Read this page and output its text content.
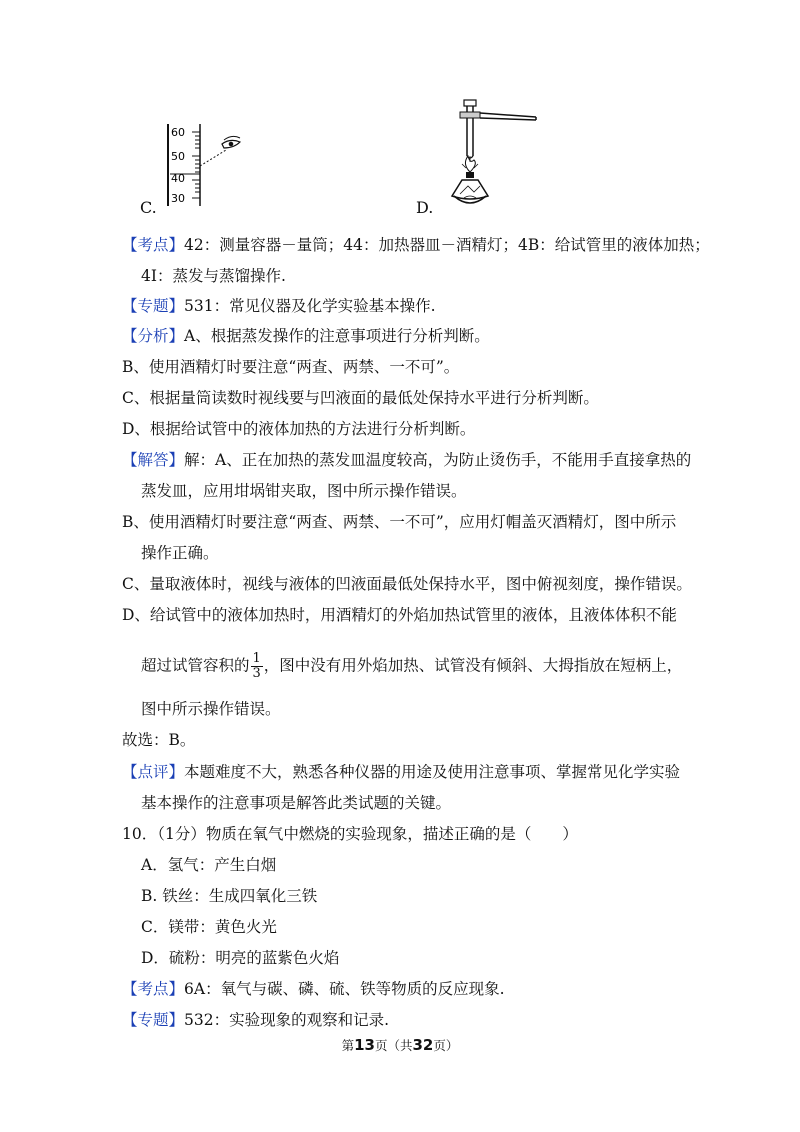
60
50
40
30
C.	D.
【考点】42：测量容器－量筒；44：加热器皿－酒精灯；4B：给试管里的液体加热；
4I：蒸发与蒸馏操作.
【专题】531：常见仪器及化学实验基本操作.
【分析】A、根据蒸发操作的注意事项进行分析判断。
B、使用酒精灯时要注意“两查、两禁、一不可”。
C、根据量筒读数时视线要与凹液面的最低处保持水平进行分析判断。
D、根据给试管中的液体加热的方法进行分析判断。
【解答】解：A、正在加热的蒸发皿温度较高，为防止烫伤手，不能用手直接拿热的
蒸发皿，应用坩埚钳夹取，图中所示操作错误。
B、使用酒精灯时要注意“两查、两禁、一不可”，应用灯帽盖灭酒精灯，图中所示
操作正确。
C、量取液体时，视线与液体的凹液面最低处保持水平，图中俯视刻度，操作错误。
D、给试管中的液体加热时，用酒精灯的外焰加热试管里的液体，且液体体积不能
超过试管容积的 $\frac{1}{3}$ ，图中没有用外焰加热、试管没有倾斜、大拇指放在短柄上，
图中所示操作错误。
故选：B。
【点评】本题难度不大，熟悉各种仪器的用途及使用注意事项、掌握常见化学实验
基本操作的注意事项是解答此类试题的关键。
10．（1分）物质在氧气中燃烧的实验现象，描述正确的是（　　）
A．氢气：产生白烟
B. 铁丝：生成四氧化三铁
C．镁带：黄色火光
D．硫粉：明亮的蓝紫色火焰
【考点】6A：氧气与碳、磷、硫、铁等物质的反应现象.
【专题】532：实验现象的观察和记录.
第13页（共32页）
